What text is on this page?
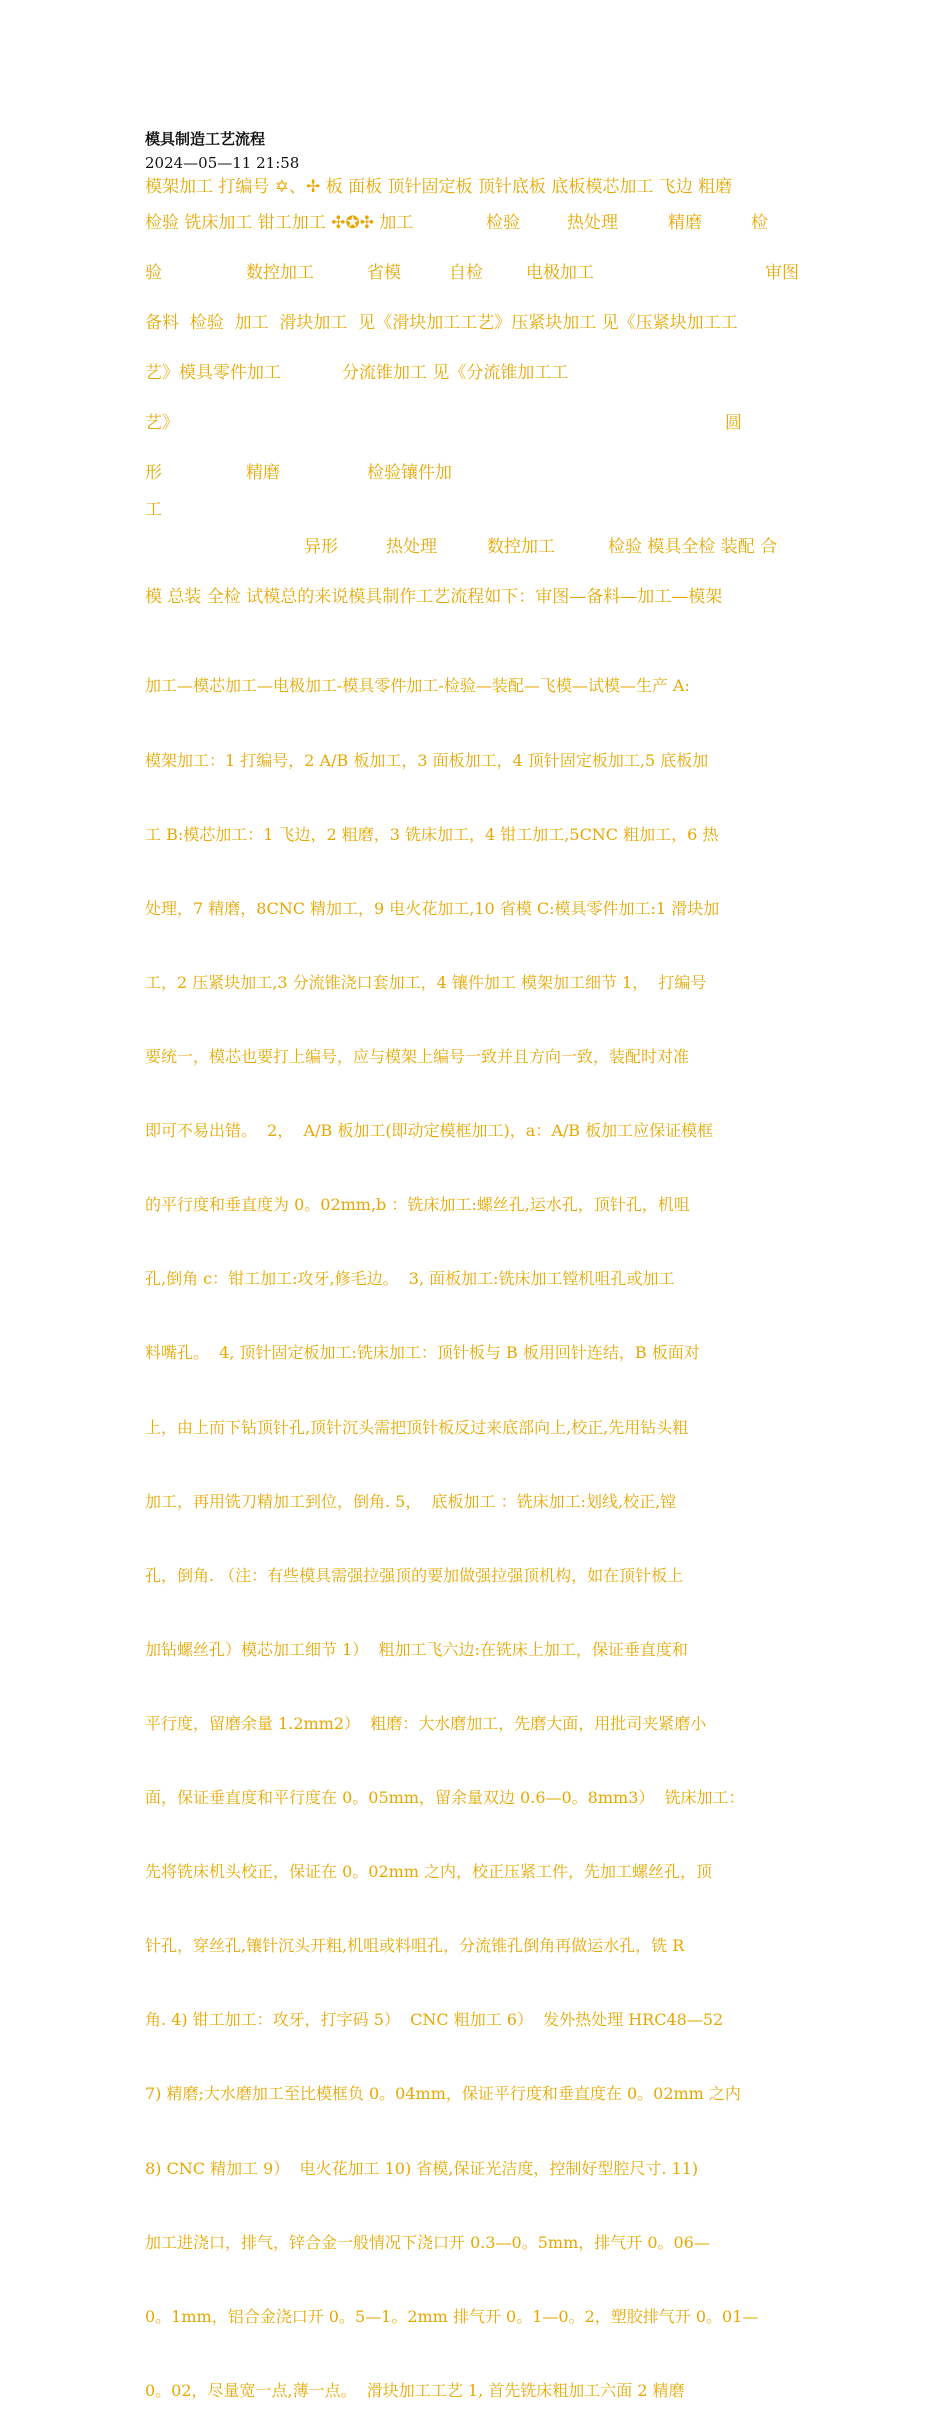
模具制造工艺流程
2024—05—11 21:58
模架加工 打编号 ✡、✢ 板 面板 顶针固定板 顶针底板 底板模芯加工 飞边 粗磨
检验 铣床加工 钳工加工 ✣✪✣ 加工	检验	热处理	精磨	检
验	数控加工	省模	自检	电极加工	审图
备料  检验  加工  滑块加工  见《滑块加工工艺》压紧块加工 见《压紧块加工工
艺》模具零件加工	分流锥加工 见《分流锥加工工
艺》	圆
形	精磨	检验镶件加
工
异形	热处理	数控加工	检验 模具全检 装配 合
模 总装 全检 试模总的来说模具制作工艺流程如下：审图—备料—加工—模架

加工—模芯加工—电极加工-模具零件加工-检验—装配—飞模—试模—生产 A:

模架加工：1 打编号，2 A/B 板加工，3 面板加工，4 顶针固定板加工,5 底板加

工 B:模芯加工：1 飞边，2 粗磨，3 铣床加工，4 钳工加工,5CNC 粗加工，6 热

处理，7 精磨，8CNC 精加工，9 电火花加工,10 省模 C:模具零件加工:1 滑块加

工，2 压紧块加工,3 分流锥浇口套加工，4 镶件加工 模架加工细节 1，  打编号

要统一，模芯也要打上编号，应与模架上编号一致并且方向一致，装配时对准

即可不易出错。  2，  A/B 板加工(即动定模框加工)，a：A/B 板加工应保证模框

的平行度和垂直度为 0。02mm,b ：铣床加工:螺丝孔,运水孔，顶针孔，机咀

孔,倒角 c：钳工加工:攻牙,修毛边。  3, 面板加工:铣床加工镗机咀孔或加工

料嘴孔。  4, 顶针固定板加工:铣床加工：顶针板与 B 板用回针连结，B 板面对

上，由上而下钻顶针孔,顶针沉头需把顶针板反过来底部向上,校正,先用钻头粗

加工，再用铣刀精加工到位，倒角. 5，  底板加工 ：铣床加工:划线,校正,镗

孔，倒角. （注：有些模具需强拉强顶的要加做强拉强顶机构，如在顶针板上

加钻螺丝孔）模芯加工细节 1）  粗加工飞六边:在铣床上加工，保证垂直度和

平行度，留磨余量 1.2mm2）  粗磨：大水磨加工，先磨大面，用批司夹紧磨小

面，保证垂直度和平行度在 0。05mm，留余量双边 0.6—0。8mm3）  铣床加工：

先将铣床机头校正，保证在 0。02mm 之内，校正压紧工件，先加工螺丝孔，顶

针孔，穿丝孔,镶针沉头开粗,机咀或料咀孔，分流锥孔倒角再做运水孔，铣 R

角. 4) 钳工加工：攻牙，打字码 5）  CNC 粗加工 6）  发外热处理 HRC48—52

7) 精磨;大水磨加工至比模框负 0。04mm，保证平行度和垂直度在 0。02mm 之内

8) CNC 精加工 9）  电火花加工 10) 省模,保证光洁度，控制好型腔尺寸. 11)

加工进浇口，排气，锌合金一般情况下浇口开 0.3—0。5mm，排气开 0。06—

0。1mm，铝合金浇口开 0。5—1。2mm 排气开 0。1—0。2，塑胶排气开 0。01—

0。02，尽量宽一点,薄一点。  滑块加工工艺 1, 首先铣床粗加工六面 2 精磨
